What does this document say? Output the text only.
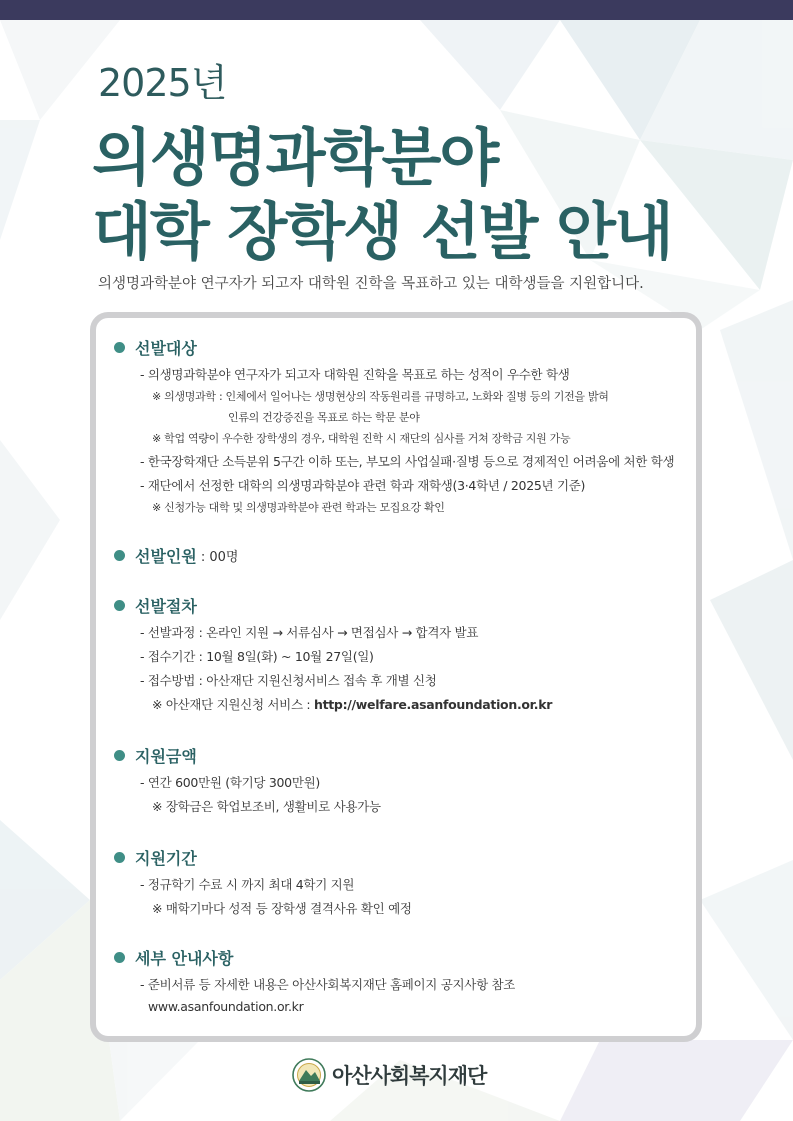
2025년
의생명과학분야
대학 장학생 선발 안내
의생명과학분야 연구자가 되고자 대학원 진학을 목표하고 있는 대학생들을 지원합니다.
선발대상
- 의생명과학분야 연구자가 되고자 대학원 진학을 목표로 하는 성적이 우수한 학생
※ 의생명과학 : 인체에서 일어나는 생명현상의 작동원리를 규명하고, 노화와 질병 등의 기전을 밝혀
인류의 건강증진을 목표로 하는 학문 분야
※ 학업 역량이 우수한 장학생의 경우, 대학원 진학 시 재단의 심사를 거쳐 장학금 지원 가능
- 한국장학재단 소득분위 5구간 이하 또는, 부모의 사업실패·질병 등으로 경제적인 어려움에 처한 학생
- 재단에서 선정한 대학의 의생명과학분야 관련 학과 재학생(3·4학년 / 2025년 기준)
※ 신청가능 대학 및 의생명과학분야 관련 학과는 모집요강 확인
선발인원 : 00명
선발절차
- 선발과정 : 온라인 지원 → 서류심사 → 면접심사 → 합격자 발표
- 접수기간 : 10월 8일(화) ~ 10월 27일(일)
- 접수방법 : 아산재단 지원신청서비스 접속 후 개별 신청
※ 아산재단 지원신청 서비스 : http://welfare.asanfoundation.or.kr
지원금액
- 연간 600만원 (학기당 300만원)
※ 장학금은 학업보조비, 생활비로 사용가능
지원기간
- 정규학기 수료 시 까지 최대 4학기 지원
※ 매학기마다 성적 등 장학생 결격사유 확인 예정
세부 안내사항
- 준비서류 등 자세한 내용은 아산사회복지재단 홈페이지 공지사항 참조
www.asanfoundation.or.kr
아산사회복지재단
